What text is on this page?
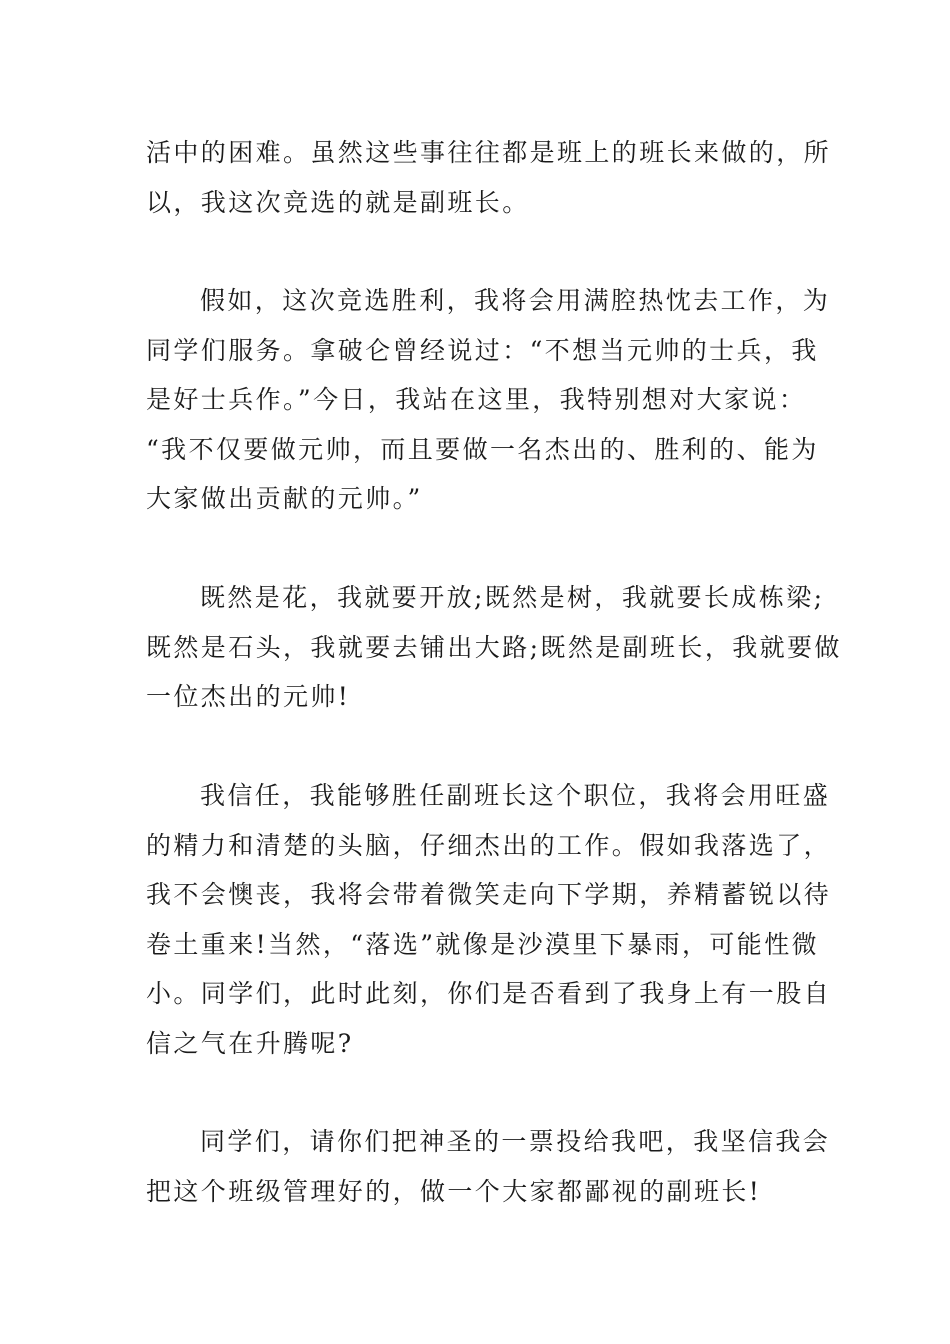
活中的困难。虽然这些事往往都是班上的班长来做的，所
以，我这次竞选的就是副班长。
假如，这次竞选胜利，我将会用满腔热忱去工作，为
同学们服务。拿破仑曾经说过：“不想当元帅的士兵，我
是好士兵作。”今日，我站在这里，我特别想对大家说：
“我不仅要做元帅，而且要做一名杰出的、胜利的、能为
大家做出贡献的元帅。”
既然是花，我就要开放;既然是树，我就要长成栋梁;
既然是石头，我就要去铺出大路;既然是副班长，我就要做
一位杰出的元帅!
我信任，我能够胜任副班长这个职位，我将会用旺盛
的精力和清楚的头脑，仔细杰出的工作。假如我落选了，
我不会懊丧，我将会带着微笑走向下学期，养精蓄锐以待
卷土重来!当然，“落选”就像是沙漠里下暴雨，可能性微
小。同学们，此时此刻，你们是否看到了我身上有一股自
信之气在升腾呢?
同学们，请你们把神圣的一票投给我吧，我坚信我会
把这个班级管理好的，做一个大家都鄙视的副班长!
